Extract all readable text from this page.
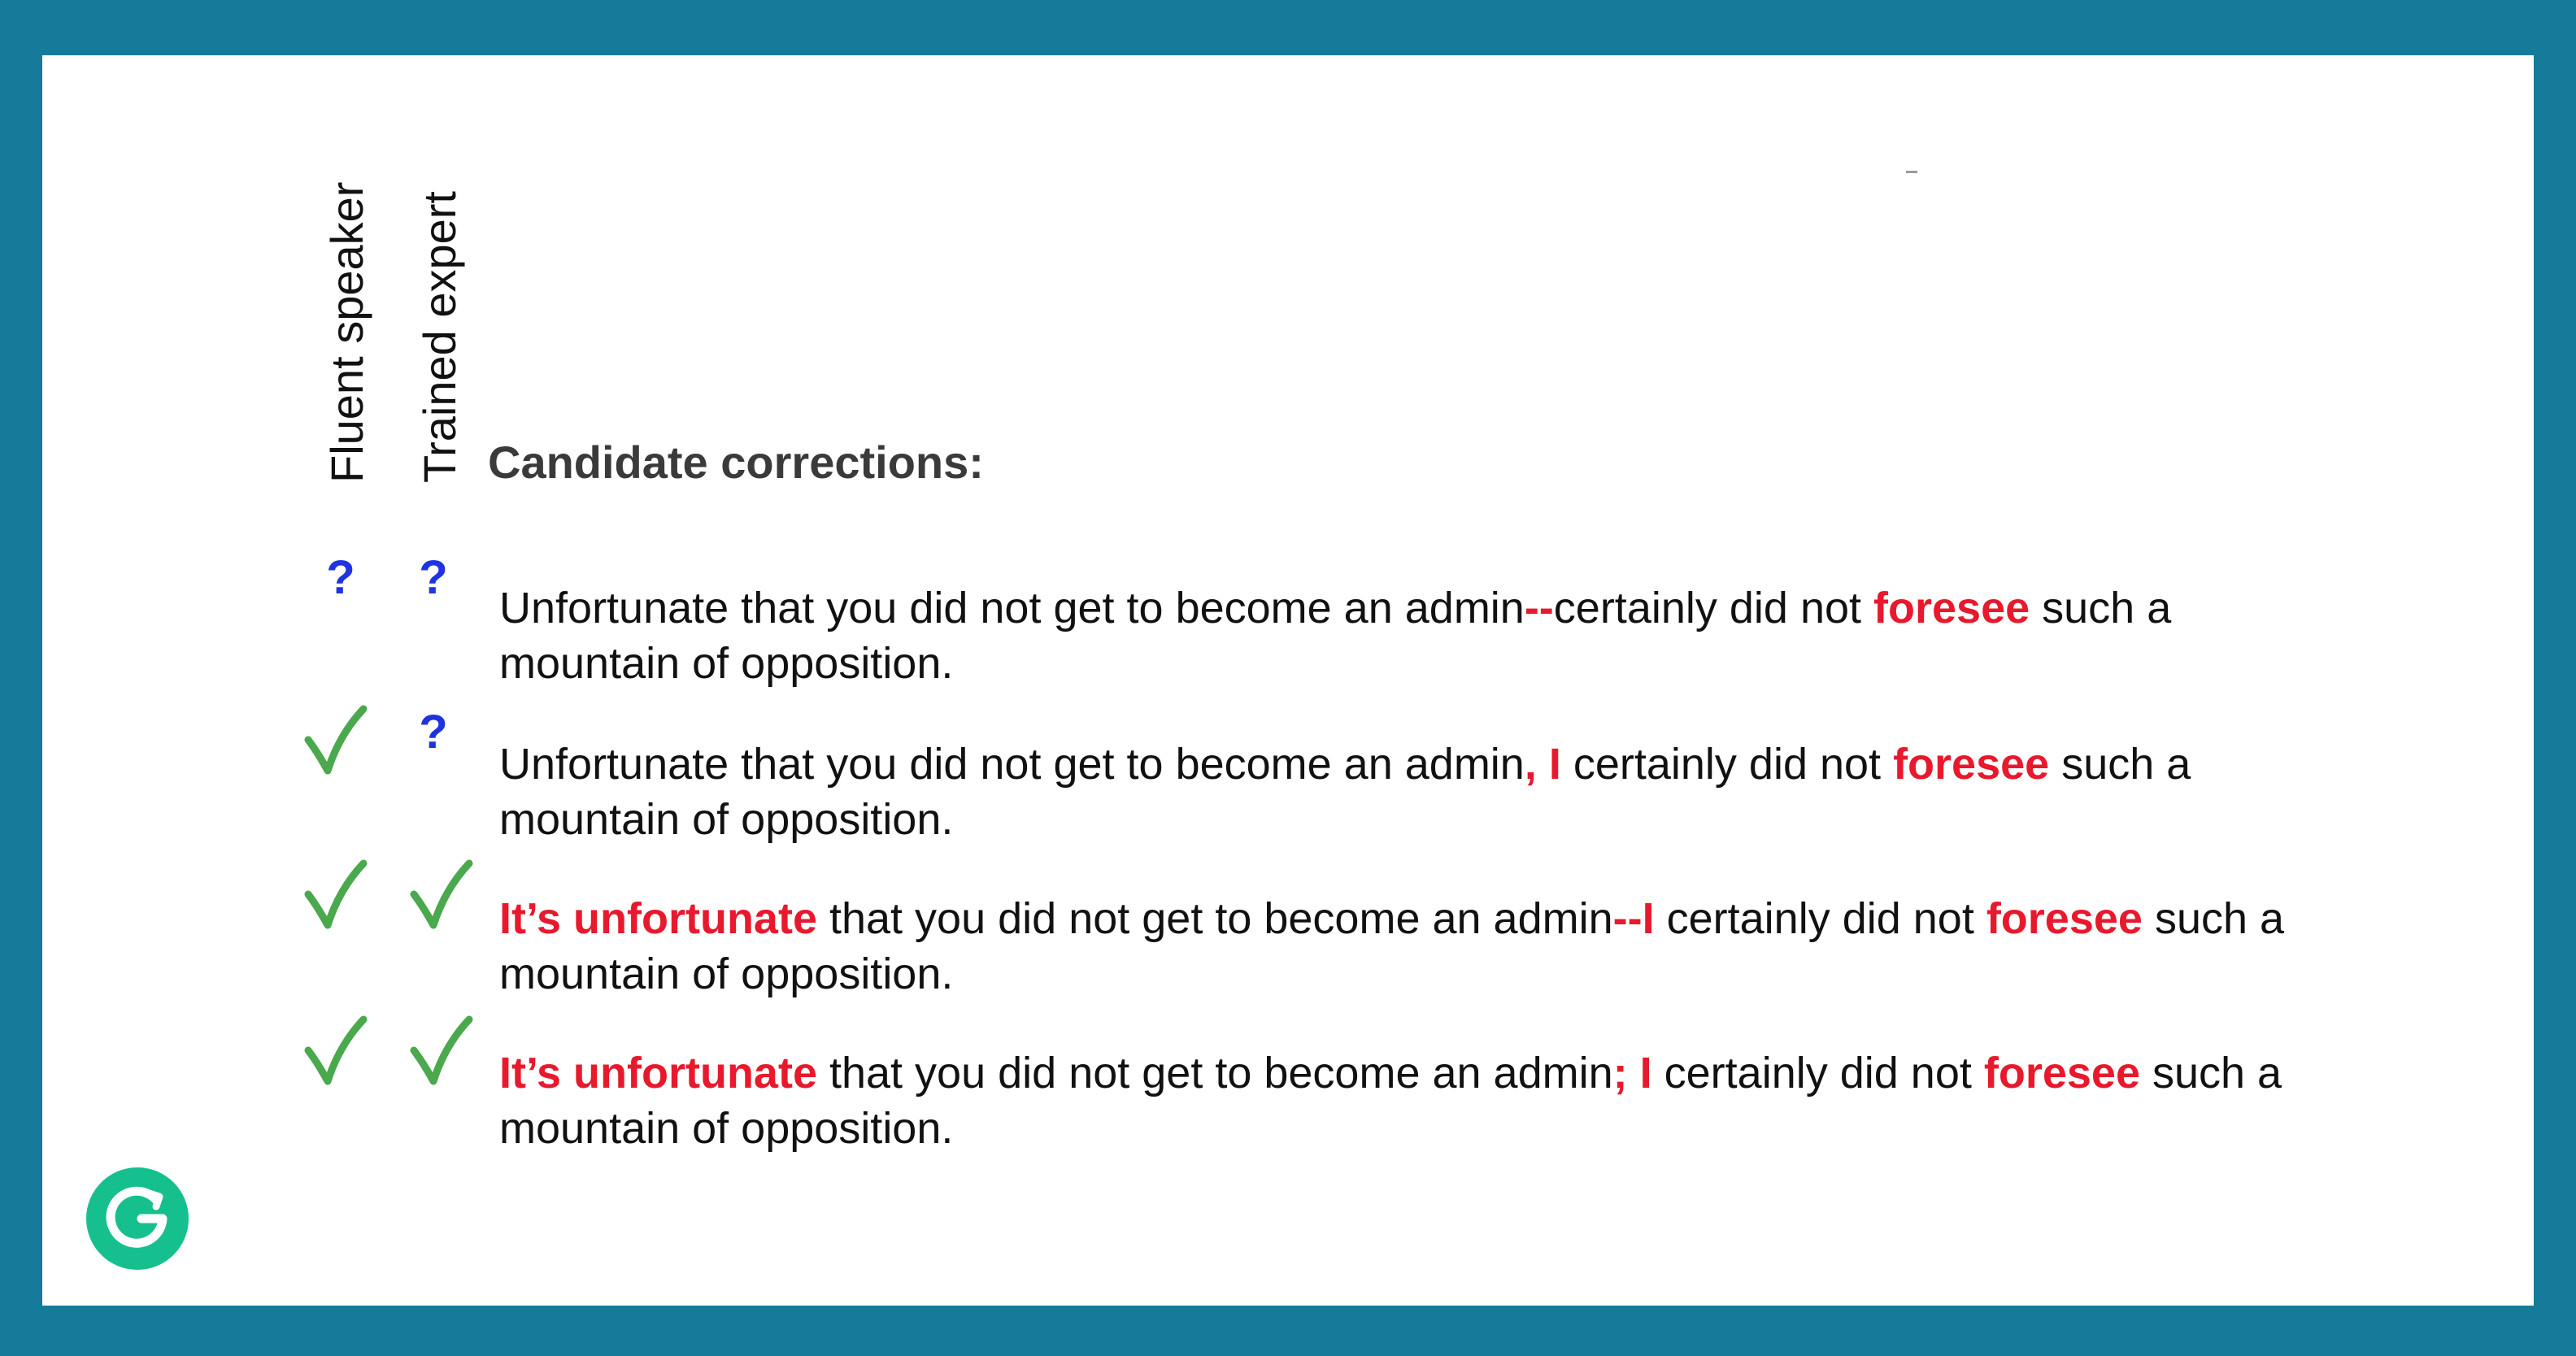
Fluent speaker Trained expert Candidate corrections:
? ?
Unfortunate that you did not get to become an admin--certainly did not foresee such a mountain of opposition.
?
Unfortunate that you did not get to become an admin, I certainly did not foresee such a mountain of opposition.
It’s unfortunate that you did not get to become an admin--I certainly did not foresee such a mountain of opposition.
It’s unfortunate that you did not get to become an admin; I certainly did not foresee such a mountain of opposition.
